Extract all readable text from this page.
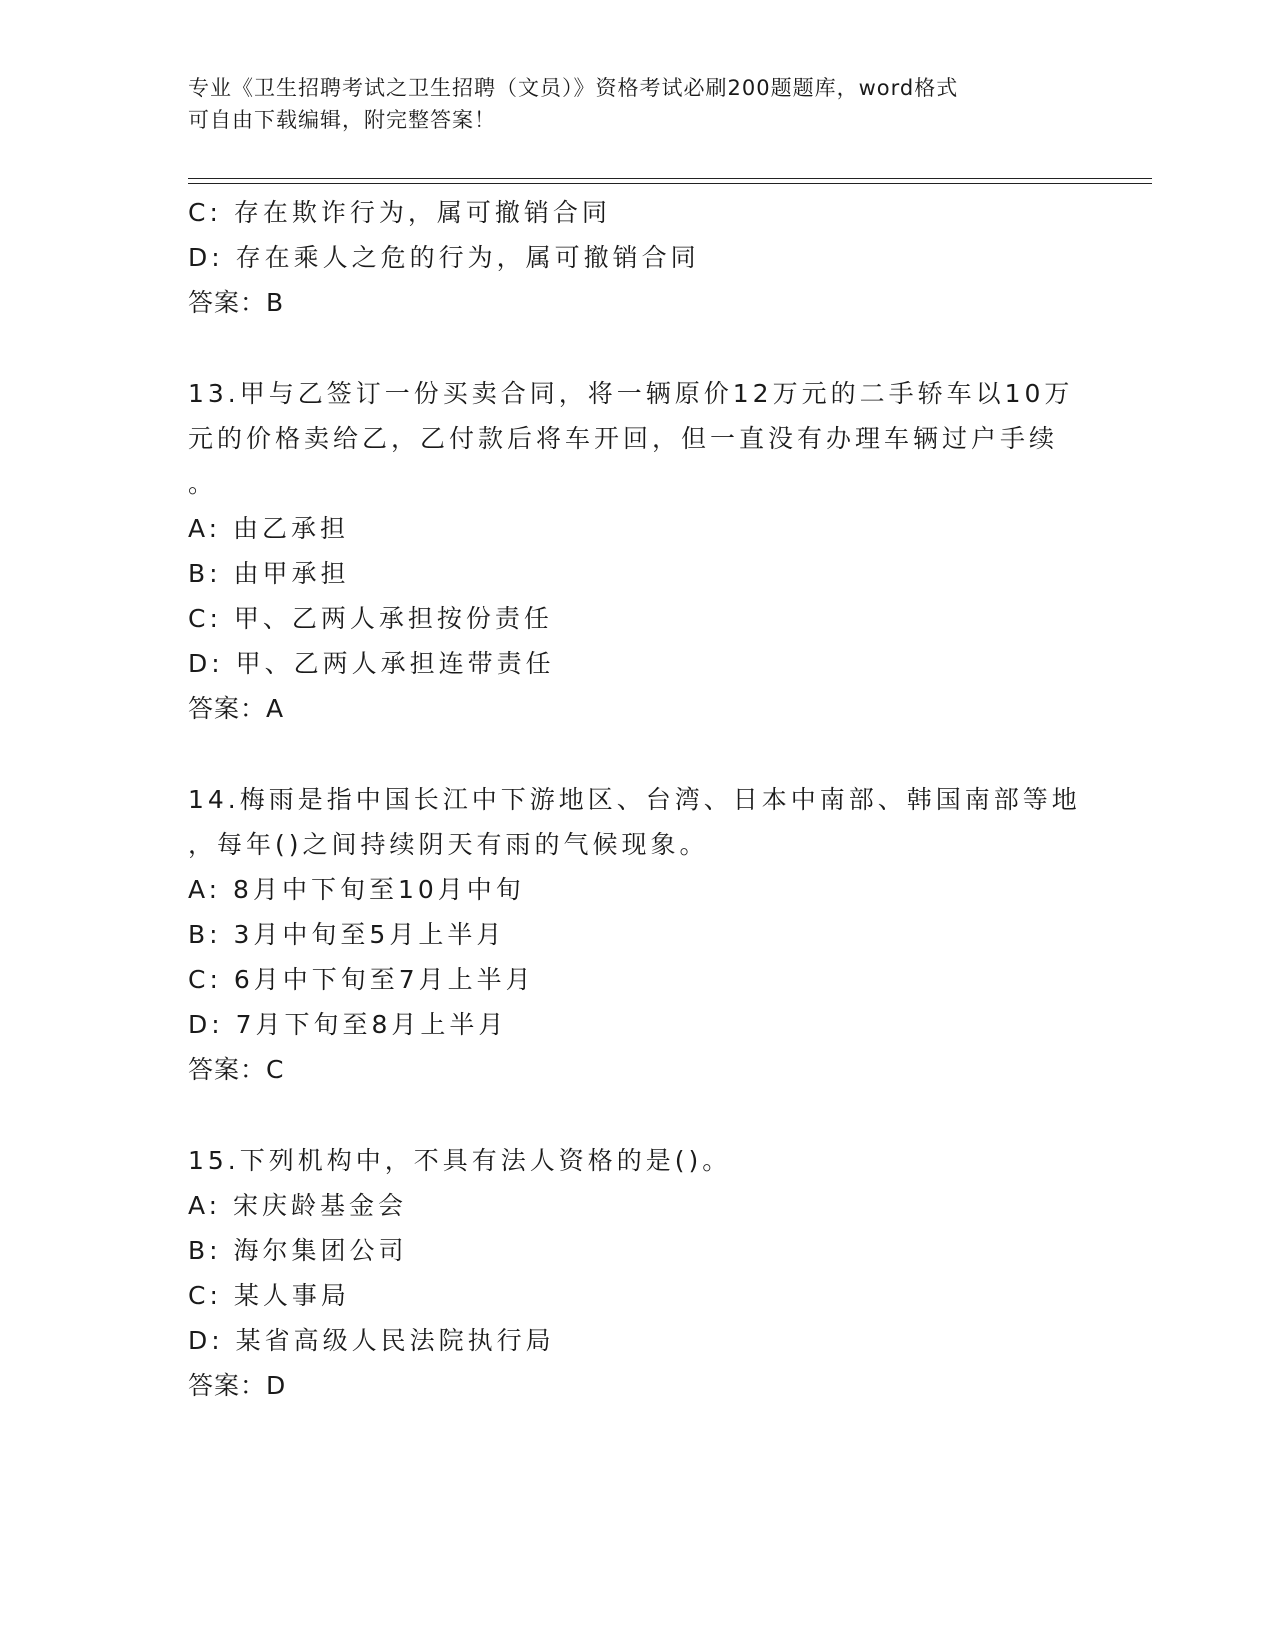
专业《卫生招聘考试之卫生招聘（文员）》资格考试必刷200题题库，word格式
可自由下载编辑，附完整答案！
C: 存在欺诈行为，属可撤销合同
D: 存在乘人之危的行为，属可撤销合同
答案：B
13.甲与乙签订一份买卖合同，将一辆原价12万元的二手轿车以10万
元的价格卖给乙，乙付款后将车开回，但一直没有办理车辆过户手续
。
A: 由乙承担
B: 由甲承担
C: 甲、乙两人承担按份责任
D: 甲、乙两人承担连带责任
答案：A
14.梅雨是指中国长江中下游地区、台湾、日本中南部、韩国南部等地
，每年()之间持续阴天有雨的气候现象。
A: 8月中下旬至10月中旬
B: 3月中旬至5月上半月
C: 6月中下旬至7月上半月
D: 7月下旬至8月上半月
答案：C
15.下列机构中，不具有法人资格的是()。
A: 宋庆龄基金会
B: 海尔集团公司
C: 某人事局
D: 某省高级人民法院执行局
答案：D
